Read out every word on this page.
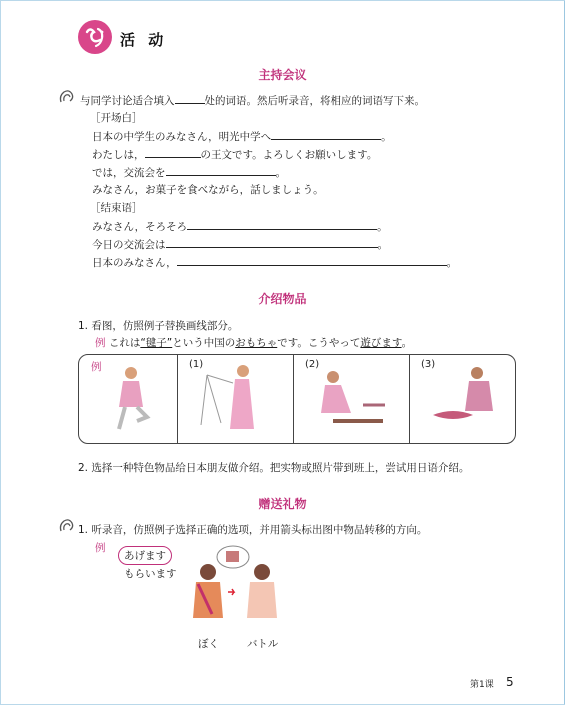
活 动
主持会议
与同学讨论适合填入	处的词语。然后听录音，将相应的词语写下来。
［开场白］
日本の中学生のみなさん，明光中学へ	。
わたしは，	の王文です。よろしくお願いします。
では，交流会を	。
みなさん，お菓子を食べながら，話しましょう。
［结束语］
みなさん，そろそろ	。
今日の交流会は	。
日本のみなさん，	。
介绍物品
1. 看图，仿照例子替换画线部分。
例 これは“毽子”という中国のおもちゃです。こうやって遊びます。
例	(1)	(2)	(3)
2. 选择一种特色物品给日本朋友做介绍。把实物或照片带到班上，尝试用日语介绍。
赠送礼物
1. 听录音，仿照例子选择正确的选项，并用箭头标出图中物品转移的方向。
例
あげます
もらいます
ぼく	バトル
第1课 5
